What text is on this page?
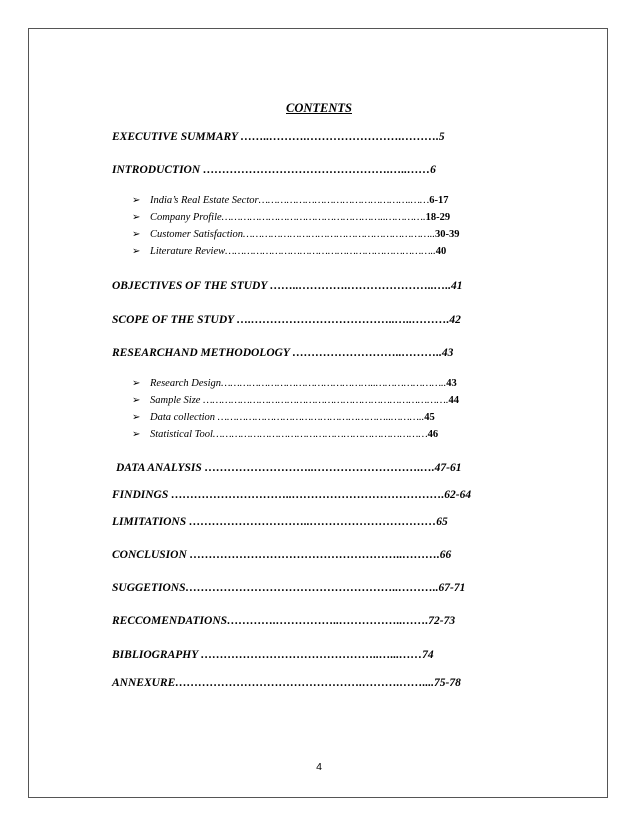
CONTENTS
EXECUTIVE SUMMARY ……..……….…………………….……….5
INTRODUCTION ………………………………………….…..……6
➢ India’s Real Estate Sector………………………………………….……6-17
➢ Company Profile……………………………………………..………….18-29
➢ Customer Satisfaction……………………………………………………..30-39
➢ Literature Review…………………………………………………………..40
OBJECTIVES OF THE STUDY ……..………….…………………..…..41
SCOPE OF THE STUDY ….………………………………..…..……….42
RESEARCHAND METHODOLOGY ………………………..………..43
➢ Research Design…………………………………………..…………………..43
➢ Sample Size …………………………………………………………………….44
➢ Data collection ………………………………………………..………..45
➢ Statistical Tool……………………………………………………………46
DATA ANALYSIS ………………………..……………………….….47-61
FINDINGS …………………………..………………………………….62-64
LIMITATIONS …………………………..……………………………65
CONCLUSION ………………………………………………..……….66
SUGGETIONS………………………………………………..………..67-71
RECCOMENDATIONS………….……………..……………..…….72-73
BIBLIOGRAPHY ………………………………………..…...……74
ANNEXURE………………………………………….……….……....75-78
4
